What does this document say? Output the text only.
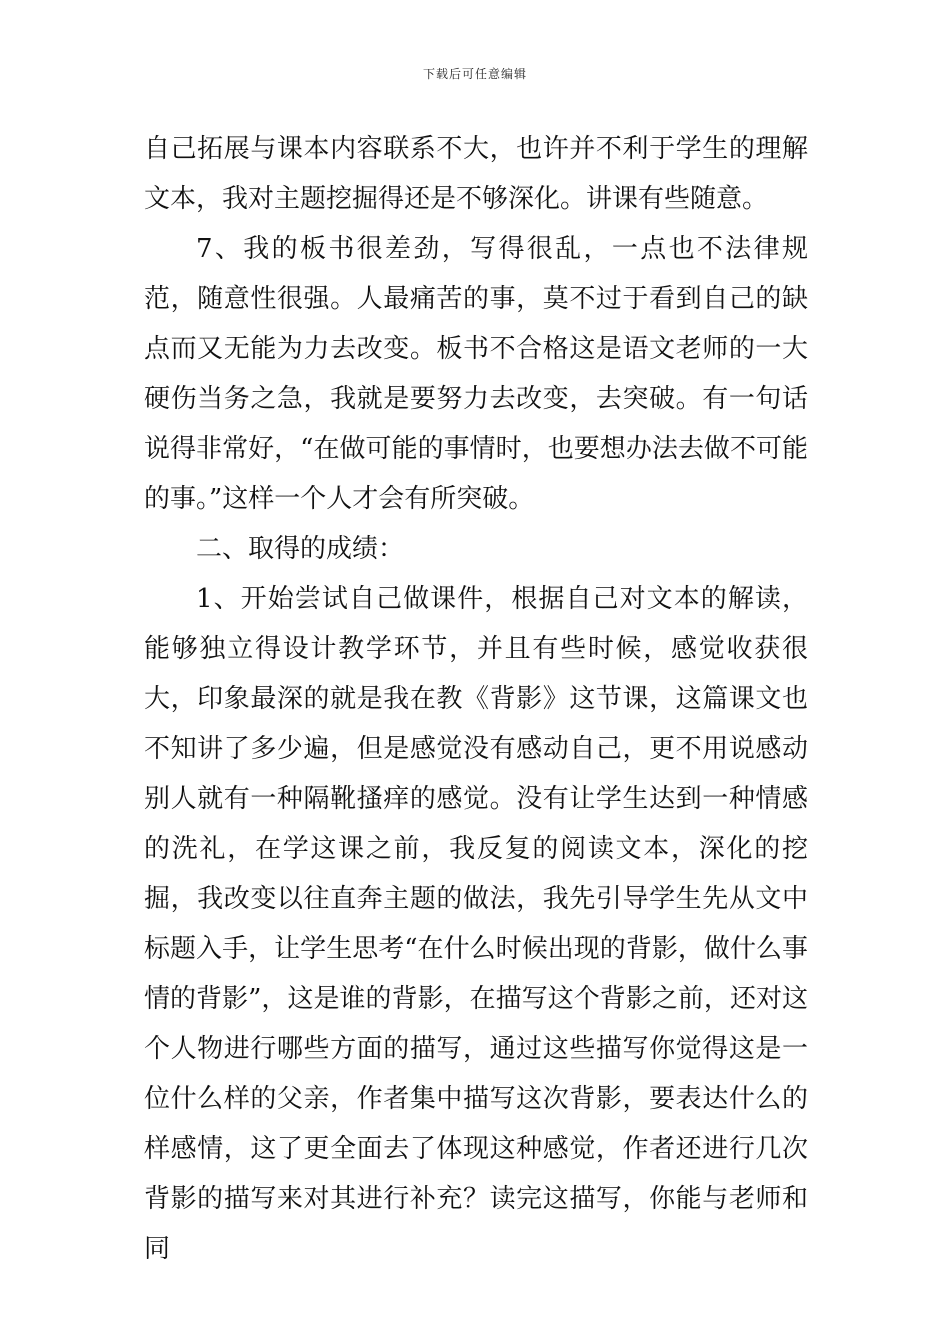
下载后可任意编辑

自己拓展与课本内容联系不大，也许并不利于学生的理解文本，我对主题挖掘得还是不够深化。讲课有些随意。

7、我的板书很差劲，写得很乱，一点也不法律规范，随意性很强。人最痛苦的事，莫不过于看到自己的缺点而又无能为力去改变。板书不合格这是语文老师的一大硬伤当务之急，我就是要努力去改变，去突破。有一句话说得非常好，“在做可能的事情时，也要想办法去做不可能的事。”这样一个人才会有所突破。

二、取得的成绩：

1、开始尝试自己做课件，根据自己对文本的解读，能够独立得设计教学环节，并且有些时候，感觉收获很大，印象最深的就是我在教《背影》这节课，这篇课文也不知讲了多少遍，但是感觉没有感动自己，更不用说感动别人就有一种隔靴搔痒的感觉。没有让学生达到一种情感的洗礼，在学这课之前，我反复的阅读文本，深化的挖掘，我改变以往直奔主题的做法，我先引导学生先从文中标题入手，让学生思考“在什么时候出现的背影，做什么事情的背影”，这是谁的背影，在描写这个背影之前，还对这个人物进行哪些方面的描写，通过这些描写你觉得这是一位什么样的父亲，作者集中描写这次背影，要表达什么的样感情，这了更全面去了体现这种感觉，作者还进行几次背影的描写来对其进行补充？读完这描写，你能与老师和同
